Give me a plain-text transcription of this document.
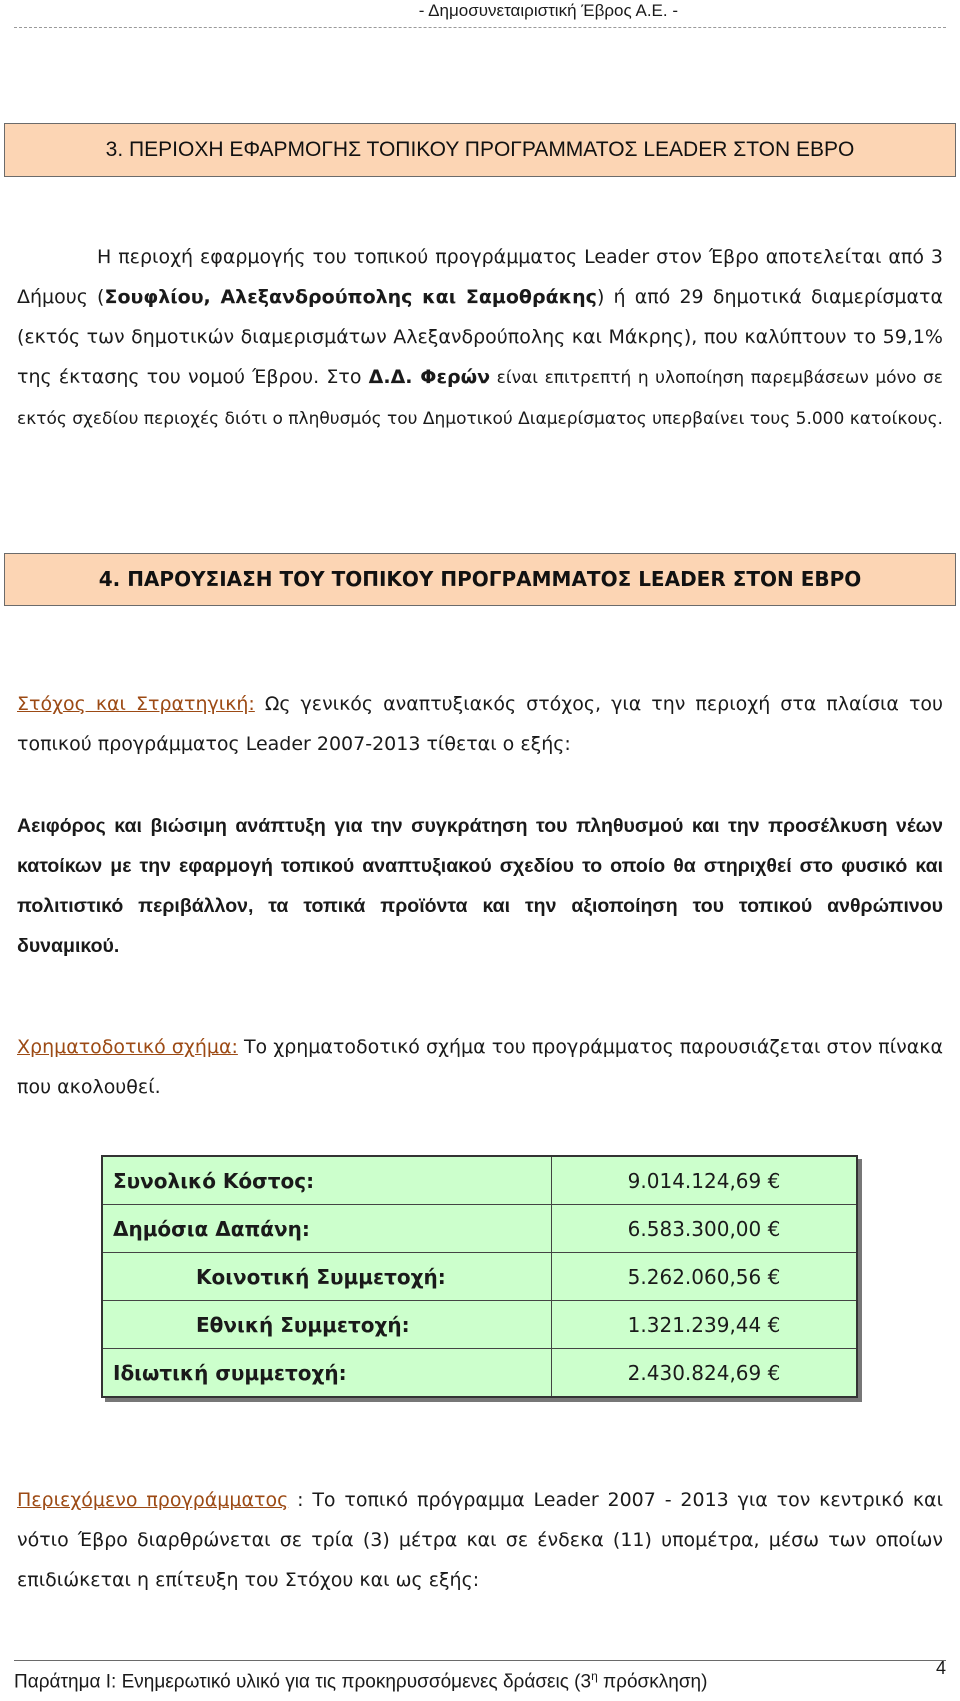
- Δημοσυνεταιριστική Έβρος Α.Ε. -
3. ΠΕΡΙΟΧΗ ΕΦΑΡΜΟΓΗΣ ΤΟΠΙΚΟΥ ΠΡΟΓΡΑΜΜΑΤΟΣ LEADER ΣΤΟΝ ΕΒΡΟ

Η περιοχή εφαρμογής του τοπικού προγράμματος Leader στον Έβρο αποτελείται από 3 Δήμους (Σουφλίου, Αλεξανδρούπολης και Σαμοθράκης) ή από 29 δημοτικά διαμερίσματα (εκτός των δημοτικών διαμερισμάτων Αλεξανδρούπολης και Μάκρης), που καλύπτουν το 59,1% της έκτασης του νομού Έβρου. Στο Δ.Δ. Φερών είναι επιτρεπτή η υλοποίηση παρεμβάσεων μόνο σε εκτός σχεδίου περιοχές διότι ο πληθυσμός του Δημοτικού Διαμερίσματος υπερβαίνει τους 5.000 κατοίκους.

4. ΠΑΡΟΥΣΙΑΣΗ ΤΟΥ ΤΟΠΙΚΟΥ ΠΡΟΓΡΑΜΜΑΤΟΣ LEADER ΣΤΟΝ ΕΒΡΟ

Στόχος και Στρατηγική: Ως γενικός αναπτυξιακός στόχος, για την περιοχή στα πλαίσια του τοπικού προγράμματος Leader 2007-2013 τίθεται ο εξής:

Αειφόρος και βιώσιμη ανάπτυξη για την συγκράτηση του πληθυσμού και την προσέλκυση νέων κατοίκων με την εφαρμογή τοπικού αναπτυξιακού σχεδίου το οποίο θα στηριχθεί στο φυσικό και πολιτιστικό περιβάλλον, τα τοπικά προϊόντα και την αξιοποίηση του τοπικού ανθρώπινου δυναμικού.

Χρηματοδοτικό σχήμα: Το χρηματοδοτικό σχήμα του προγράμματος παρουσιάζεται στον πίνακα που ακολουθεί.

Συνολικό Κόστος:	9.014.124,69 €
Δημόσια Δαπάνη:	6.583.300,00 €
Κοινοτική Συμμετοχή:	5.262.060,56 €
Εθνική Συμμετοχή:	1.321.239,44 €
Ιδιωτική συμμετοχή:	2.430.824,69 €

Περιεχόμενο προγράμματος : Το τοπικό πρόγραμμα Leader 2007 - 2013 για τον κεντρικό και νότιο Έβρο διαρθρώνεται σε τρία (3) μέτρα και σε ένδεκα (11) υπομέτρα, μέσω των οποίων επιδιώκεται η επίτευξη του Στόχου και ως εξής:

Παράτημα Ι: Ενημερωτικό υλικό για τις προκηρυσσόμενες δράσεις ($3^\eta$ πρόσκληση)
4
